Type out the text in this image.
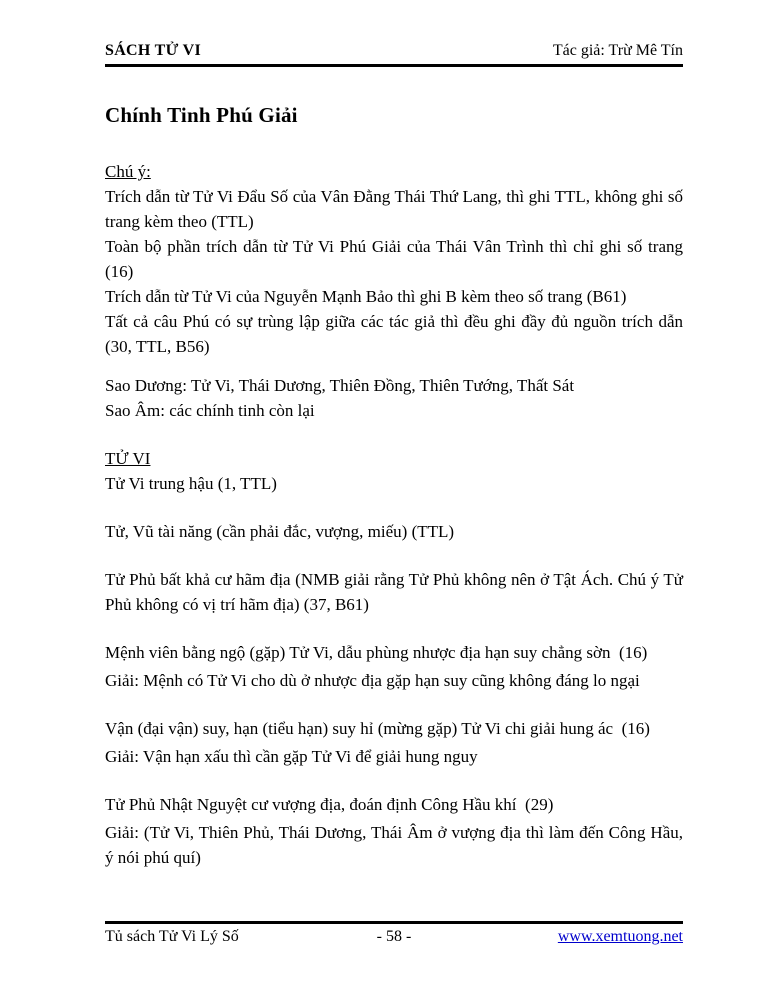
SÁCH TỬ VI	Tác giả: Trừ Mê Tín
Chính Tinh Phú Giải

Chú ý:

Trích dẫn từ Tử Vi Đẩu Số của Vân Đằng Thái Thứ Lang, thì ghi TTL, không ghi số trang kèm theo (TTL)

Toàn bộ phần trích dẫn từ Tử Vi Phú Giải của Thái Vân Trình thì chỉ ghi số trang (16)

Trích dẫn từ Tử Vi của Nguyễn Mạnh Bảo thì ghi B kèm theo số trang (B61)

Tất cả câu Phú có sự trùng lập giữa các tác giả thì đều ghi đầy đủ nguồn trích dẫn (30, TTL, B56)

Sao Dương: Tử Vi, Thái Dương, Thiên Đồng, Thiên Tướng, Thất Sát

Sao Âm: các chính tinh còn lại

TỬ VI

Tử Vi trung hậu (1, TTL)

Tử, Vũ tài năng (cần phải đắc, vượng, miếu) (TTL)

Tử Phủ bất khả cư hãm địa (NMB giải rằng Tử Phủ không nên ở Tật Ách. Chú ý Tử Phủ không có vị trí hãm địa) (37, B61)

Mệnh viên bằng ngộ (gặp) Tử Vi, dẫu phùng nhược địa hạn suy chẳng sờn  (16)

Giải: Mệnh có Tử Vi cho dù ở nhược địa gặp hạn suy cũng không đáng lo ngại

Vận (đại vận) suy, hạn (tiểu hạn) suy hỉ (mừng gặp) Tử Vi chi giải hung ác  (16)

Giải: Vận hạn xấu thì cần gặp Tử Vi để giải hung nguy

Tử Phủ Nhật Nguyệt cư vượng địa, đoán định Công Hầu khí  (29)

Giải: (Tử Vi, Thiên Phủ, Thái Dương, Thái Âm ở vượng địa thì làm đến Công Hầu, ý nói phú quí)

Tủ sách Tử Vi Lý Số	- 58 -	www.xemtuong.net
